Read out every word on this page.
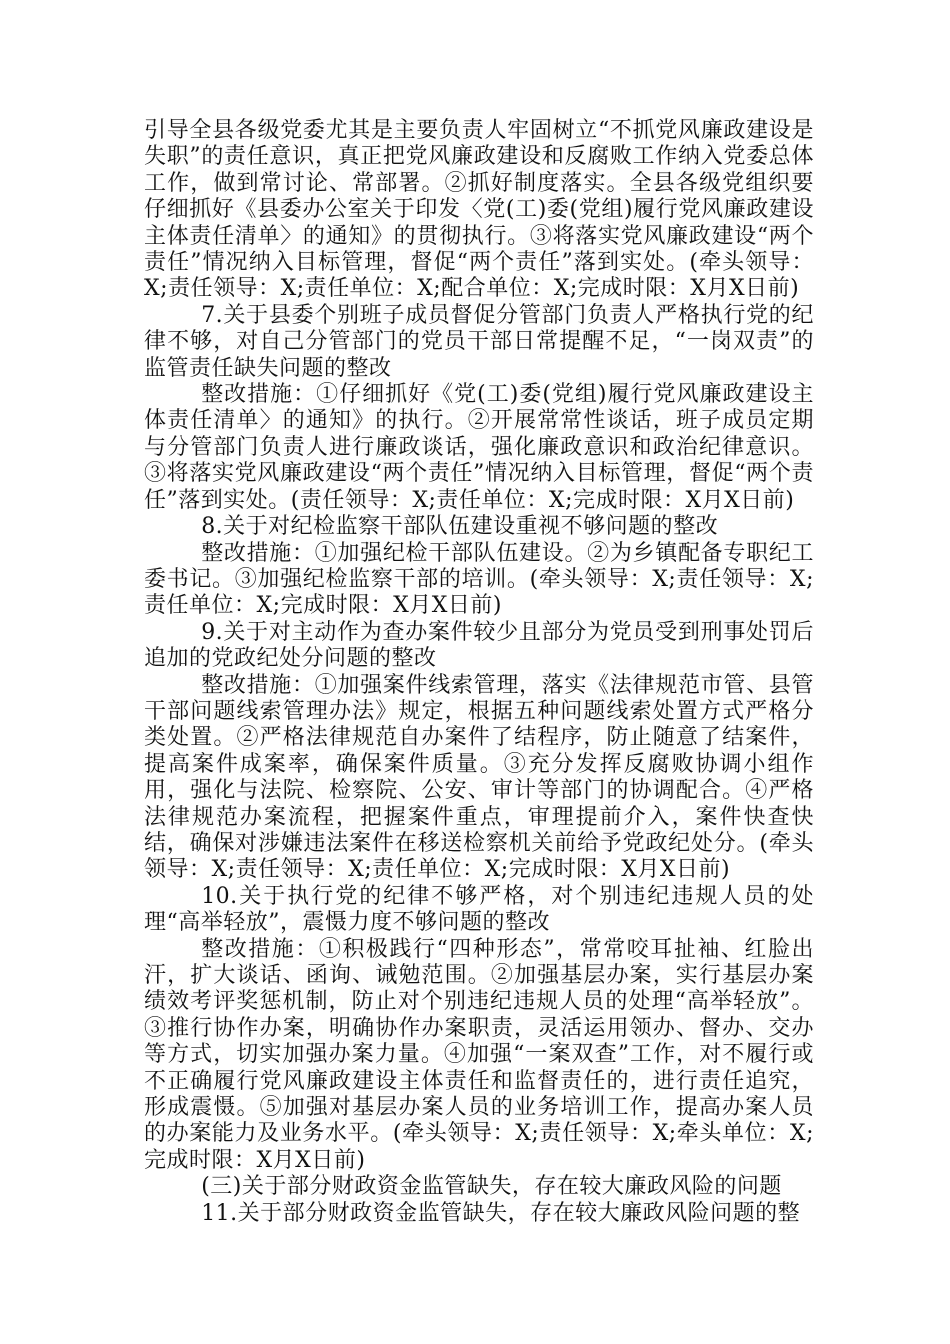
引导全县各级党委尤其是主要负责人牢固树立“不抓党风廉政建设是失职”的责任意识，真正把党风廉政建设和反腐败工作纳入党委总体工作，做到常讨论、常部署。②抓好制度落实。全县各级党组织要仔细抓好《县委办公室关于印发〈党(工)委(党组)履行党风廉政建设主体责任清单〉的通知》的贯彻执行。③将落实党风廉政建设“两个责任”情况纳入目标管理，督促“两个责任”落到实处。(牵头领导：X;责任领导：X;责任单位：X;配合单位：X;完成时限：X月X日前)

7.关于县委个别班子成员督促分管部门负责人严格执行党的纪律不够，对自己分管部门的党员干部日常提醒不足，“一岗双责”的监管责任缺失问题的整改

整改措施：①仔细抓好《党(工)委(党组)履行党风廉政建设主体责任清单〉的通知》的执行。②开展常常性谈话，班子成员定期与分管部门负责人进行廉政谈话，强化廉政意识和政治纪律意识。③将落实党风廉政建设“两个责任”情况纳入目标管理，督促“两个责任”落到实处。(责任领导：X;责任单位：X;完成时限：X月X日前)

8.关于对纪检监察干部队伍建设重视不够问题的整改

整改措施：①加强纪检干部队伍建设。②为乡镇配备专职纪工委书记。③加强纪检监察干部的培训。(牵头领导：X;责任领导：X;责任单位：X;完成时限：X月X日前)

9.关于对主动作为查办案件较少且部分为党员受到刑事处罚后追加的党政纪处分问题的整改

整改措施：①加强案件线索管理，落实《法律规范市管、县管干部问题线索管理办法》规定，根据五种问题线索处置方式严格分类处置。②严格法律规范自办案件了结程序，防止随意了结案件，提高案件成案率，确保案件质量。③充分发挥反腐败协调小组作用，强化与法院、检察院、公安、审计等部门的协调配合。④严格法律规范办案流程，把握案件重点，审理提前介入，案件快查快结，确保对涉嫌违法案件在移送检察机关前给予党政纪处分。(牵头领导：X;责任领导：X;责任单位：X;完成时限：X月X日前)

10.关于执行党的纪律不够严格，对个别违纪违规人员的处理“高举轻放”，震慑力度不够问题的整改

整改措施：①积极践行“四种形态”，常常咬耳扯袖、红脸出汗，扩大谈话、函询、诫勉范围。②加强基层办案，实行基层办案绩效考评奖惩机制，防止对个别违纪违规人员的处理“高举轻放”。③推行协作办案，明确协作办案职责，灵活运用领办、督办、交办等方式，切实加强办案力量。④加强“一案双查”工作，对不履行或不正确履行党风廉政建设主体责任和监督责任的，进行责任追究，形成震慑。⑤加强对基层办案人员的业务培训工作，提高办案人员的办案能力及业务水平。(牵头领导：X;责任领导：X;牵头单位：X;完成时限：X月X日前)

(三)关于部分财政资金监管缺失，存在较大廉政风险的问题

11.关于部分财政资金监管缺失，存在较大廉政风险问题的整
